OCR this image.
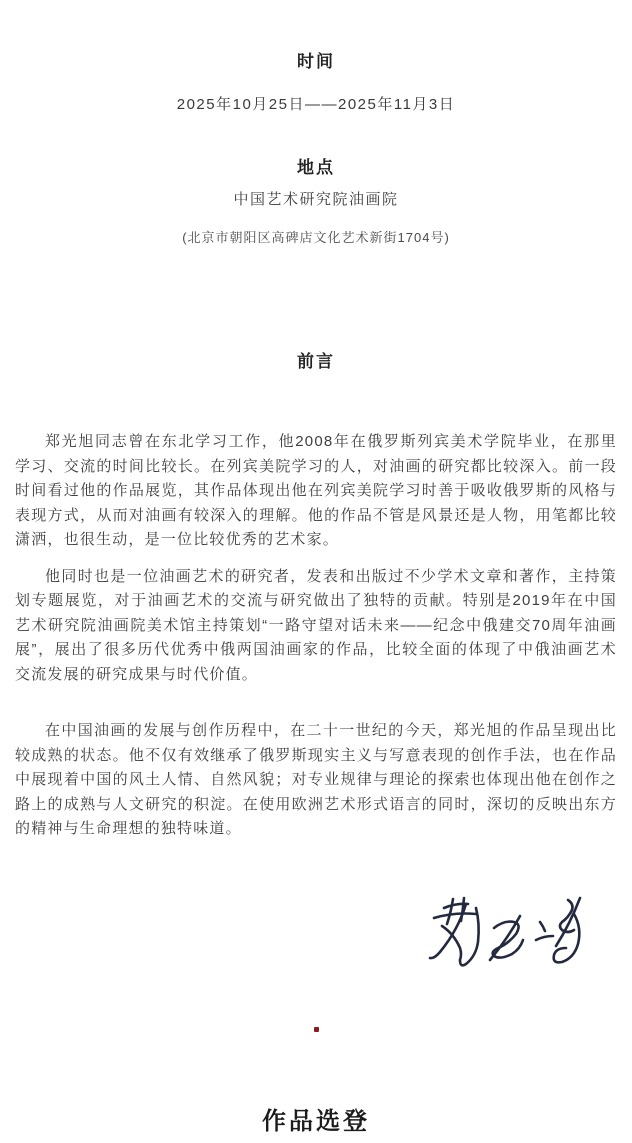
时间
2025年10月25日——2025年11月3日
地点
中国艺术研究院油画院
(北京市朝阳区高碑店文化艺术新街1704号)
前言

郑光旭同志曾在东北学习工作，他2008年在俄罗斯列宾美术学院毕业，在那里学习、交流的时间比较长。在列宾美院学习的人，对油画的研究都比较深入。前一段时间看过他的作品展览，其作品体现出他在列宾美院学习时善于吸收俄罗斯的风格与表现方式，从而对油画有较深入的理解。他的作品不管是风景还是人物，用笔都比较潇洒，也很生动，是一位比较优秀的艺术家。

他同时也是一位油画艺术的研究者，发表和出版过不少学术文章和著作，主持策划专题展览，对于油画艺术的交流与研究做出了独特的贡献。特别是2019年在中国艺术研究院油画院美术馆主持策划“一路守望对话未来——纪念中俄建交70周年油画展”，展出了很多历代优秀中俄两国油画家的作品，比较全面的体现了中俄油画艺术交流发展的研究成果与时代价值。

在中国油画的发展与创作历程中，在二十一世纪的今天，郑光旭的作品呈现出比较成熟的状态。他不仅有效继承了俄罗斯现实主义与写意表现的创作手法，也在作品中展现着中国的风土人情、自然风貌；对专业规律与理论的探索也体现出他在创作之路上的成熟与人文研究的积淀。在使用欧洲艺术形式语言的同时，深切的反映出东方的精神与生命理想的独特味道。

作品选登
